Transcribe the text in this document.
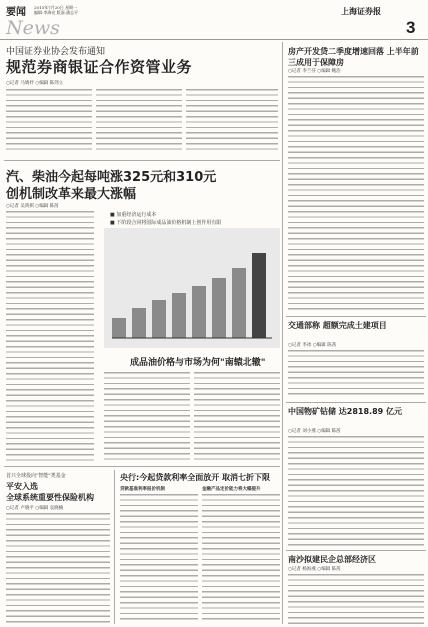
要闻 2015年7月20日 星期一
编辑:李海亮 版面:潘志平
News
上海证券报
3
中国证券业协会发布通知
规范券商银证合作资管业务
○记者 马婧妤 ○编辑 陈剑立
汽、柴油今起每吨涨325元和310元
创机制改革来最大涨幅
○记者 吴鸿祺 ○编辑 陈茜
■ 加重经济运行成本
■ 下阶段合同将国际成品油价格机制上创作用有限
成品油价格与市场为何"南辕北辙"
首只全球投向"智能"类基金
平安入选
全球系统重要性保险机构
○记者 卢晓平 ○编辑 袁晓楠
央行:今起贷款利率全面放开 取消七折下限
贷款基准利率报价机制	金融产品定价能力将大幅提升
房产开发贷二季度增速回落 上半年前三成用于保障房
○记者 李兰芬 ○编辑 鲍浩
交通部称 超额完成土建项目
○记者 李冰 ○编辑 陈茜
中国物矿钻储 达2818.89 亿元
○记者 刘小燕 ○编辑 陈茜
南沙拟建民企总部经济区
○记者 杨海燕 ○编辑 陈茜
